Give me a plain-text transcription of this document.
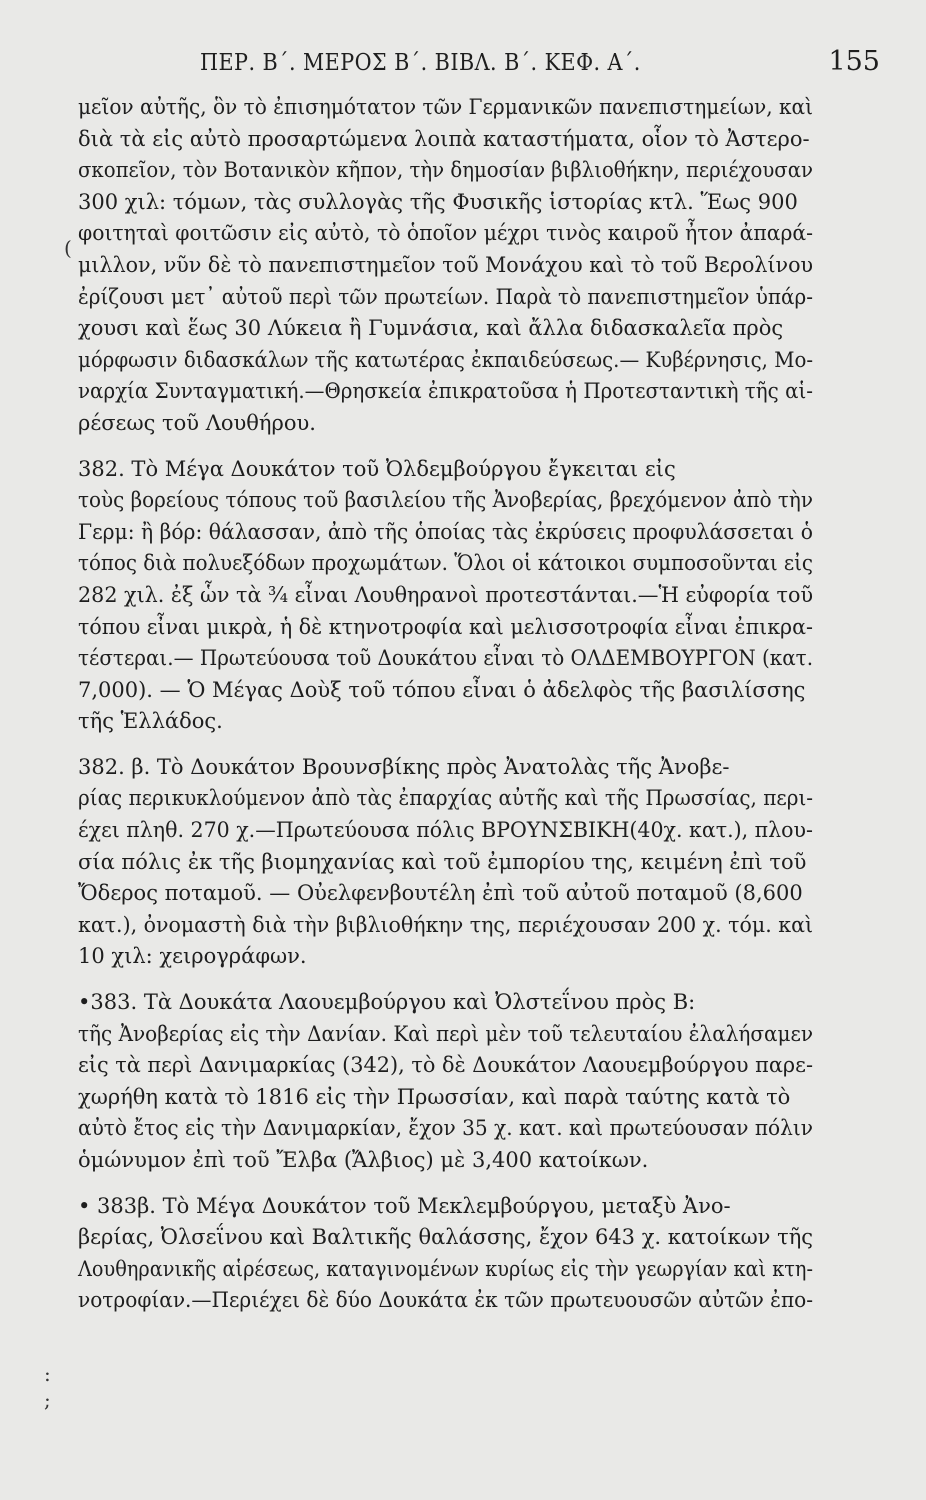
ΠΕΡ. Β΄. ΜΕΡΟΣ Β΄. ΒΙΒΛ. Β΄. ΚΕΦ. Α΄.	155
(
:
;
μεῖον αὐτῆς, ὃν τὸ ἐπισημότατον τῶν Γερμανικῶν πανεπιστημείων, καὶ
διὰ τὰ εἰς αὐτὸ προσαρτώμενα λοιπὰ καταστήματα, οἷον τὸ Ἀστερο-
σκοπεῖον, τὸν Βοτανικὸν κῆπον, τὴν δημοσίαν βιβλιοθήκην, περιέχουσαν
300 χιλ: τόμων, τὰς συλλογὰς τῆς Φυσικῆς ἱστορίας κτλ. Ἕως 900
φοιτηταὶ φοιτῶσιν εἰς αὐτὸ, τὸ ὁποῖον μέχρι τινὸς καιροῦ ἦτον ἀπαρά-
μιλλον, νῦν δὲ τὸ πανεπιστημεῖον τοῦ Μονάχου καὶ τὸ τοῦ Βερολίνου
ἐρίζουσι μετ᾿ αὐτοῦ περὶ τῶν πρωτείων. Παρὰ τὸ πανεπιστημεῖον ὑπάρ-
χουσι καὶ ἕως 30 Λύκεια ἢ Γυμνάσια, καὶ ἄλλα διδασκαλεῖα πρὸς
μόρφωσιν διδασκάλων τῆς κατωτέρας ἐκπαιδεύσεως.— Κυβέρνησις, Μο-
ναρχία Συνταγματική.—Θρησκεία ἐπικρατοῦσα ἡ Προτεσταντικὴ τῆς αἱ-
ρέσεως τοῦ Λουθήρου.
382. Τὸ Μέγα Δουκάτον τοῦ Ὀλδεμβούργου ἔγκειται εἰς
τοὺς βορείους τόπους τοῦ βασιλείου τῆς Ἀνοβερίας, βρεχόμενον ἀπὸ τὴν
Γερμ: ἢ βόρ: θάλασσαν, ἀπὸ τῆς ὁποίας τὰς ἐκρύσεις προφυλάσσεται ὁ
τόπος διὰ πολυεξόδων προχωμάτων. Ὅλοι οἱ κάτοικοι συμποσοῦνται εἰς
282 χιλ. ἐξ ὧν τὰ ¾ εἶναι Λουθηρανοὶ προτεστάνται.—Ἡ εὐφορία τοῦ
τόπου εἶναι μικρὰ, ἡ δὲ κτηνοτροφία καὶ μελισσοτροφία εἶναι ἐπικρα-
τέστεραι.— Πρωτεύουσα τοῦ Δουκάτου εἶναι τὸ ΟΛΔΕΜΒΟΥΡΓΟΝ (κατ.
7,000). — Ὁ Μέγας Δοὺξ τοῦ τόπου εἶναι ὁ ἀδελφὸς τῆς βασιλίσσης
τῆς Ἑλλάδος.
382. β. Τὸ Δουκάτον Βρουνσβίκης πρὸς Ἀνατολὰς τῆς Ἀνοβε-
ρίας περικυκλούμενον ἀπὸ τὰς ἐπαρχίας αὐτῆς καὶ τῆς Πρωσσίας, περι-
έχει πληθ. 270 χ.—Πρωτεύουσα πόλις ΒΡΟΥΝΣΒΙΚΗ(40χ. κατ.), πλου-
σία πόλις ἐκ τῆς βιομηχανίας καὶ τοῦ ἐμπορίου της, κειμένη ἐπὶ τοῦ
Ὄδερος ποταμοῦ. — Οὐελφενβουτέλη ἐπὶ τοῦ αὐτοῦ ποταμοῦ (8,600
κατ.), ὀνομαστὴ διὰ τὴν βιβλιοθήκην της, περιέχουσαν 200 χ. τόμ. καὶ
10 χιλ: χειρογράφων.
•383. Τὰ Δουκάτα Λαουεμβούργου καὶ Ὀλστεΐνου πρὸς Β:
τῆς Ἀνοβερίας εἰς τὴν Δανίαν. Καὶ περὶ μὲν τοῦ τελευταίου ἐλαλήσαμεν
εἰς τὰ περὶ Δανιμαρκίας (342), τὸ δὲ Δουκάτον Λαουεμβούργου παρε-
χωρήθη κατὰ τὸ 1816 εἰς τὴν Πρωσσίαν, καὶ παρὰ ταύτης κατὰ τὸ
αὐτὸ ἔτος εἰς τὴν Δανιμαρκίαν, ἔχον 35 χ. κατ. καὶ πρωτεύουσαν πόλιν
ὁμώνυμον ἐπὶ τοῦ Ἔλβα (Ἄλβιος) μὲ 3,400 κατοίκων.
• 383β. Τὸ Μέγα Δουκάτον τοῦ Μεκλεμβούργου, μεταξὺ Ἀνο-
βερίας, Ὀλσεΐνου καὶ Βαλτικῆς θαλάσσης, ἔχον 643 χ. κατοίκων τῆς
Λουθηρανικῆς αἱρέσεως, καταγινομένων κυρίως εἰς τὴν γεωργίαν καὶ κτη-
νοτροφίαν.—Περιέχει δὲ δύο Δουκάτα ἐκ τῶν πρωτευουσῶν αὐτῶν ἐπο-
